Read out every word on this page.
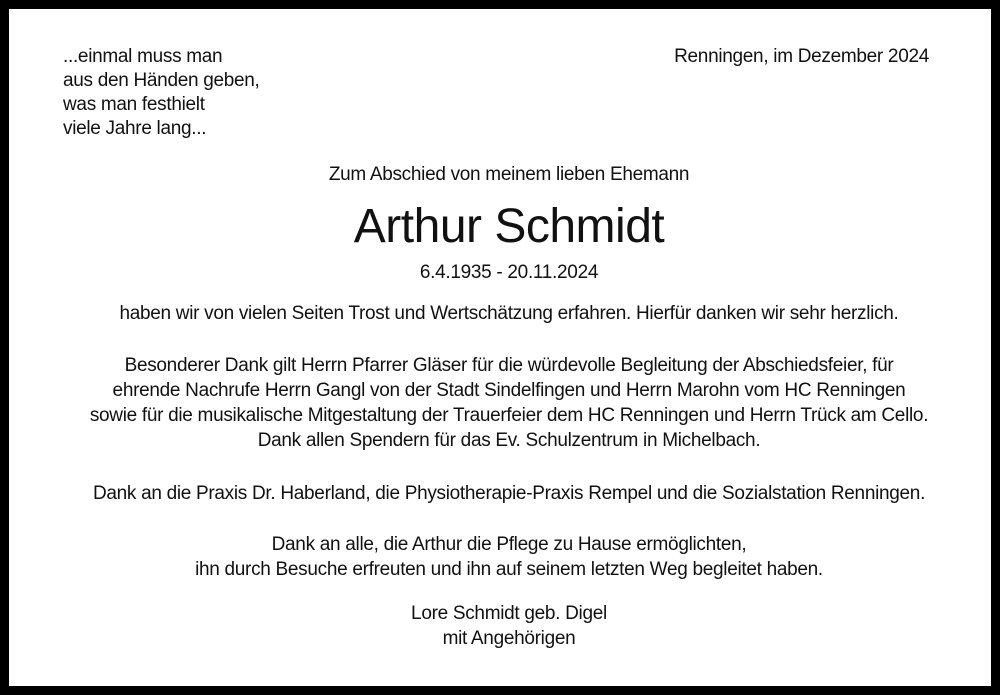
...einmal muss man
aus den Händen geben,
was man festhielt
viele Jahre lang...
Renningen, im Dezember 2024
Zum Abschied von meinem lieben Ehemann
Arthur Schmidt
6.4.1935 - 20.11.2024
haben wir von vielen Seiten Trost und Wertschätzung erfahren. Hierfür danken wir sehr herzlich.
Besonderer Dank gilt Herrn Pfarrer Gläser für die würdevolle Begleitung der Abschiedsfeier, für
ehrende Nachrufe Herrn Gangl von der Stadt Sindelfingen und Herrn Marohn vom HC Renningen
sowie für die musikalische Mitgestaltung der Trauerfeier dem HC Renningen und Herrn Trück am Cello.
Dank allen Spendern für das Ev. Schulzentrum in Michelbach.
Dank an die Praxis Dr. Haberland, die Physiotherapie-Praxis Rempel und die Sozialstation Renningen.
Dank an alle, die Arthur die Pflege zu Hause ermöglichten,
ihn durch Besuche erfreuten und ihn auf seinem letzten Weg begleitet haben.
Lore Schmidt geb. Digel
mit Angehörigen
